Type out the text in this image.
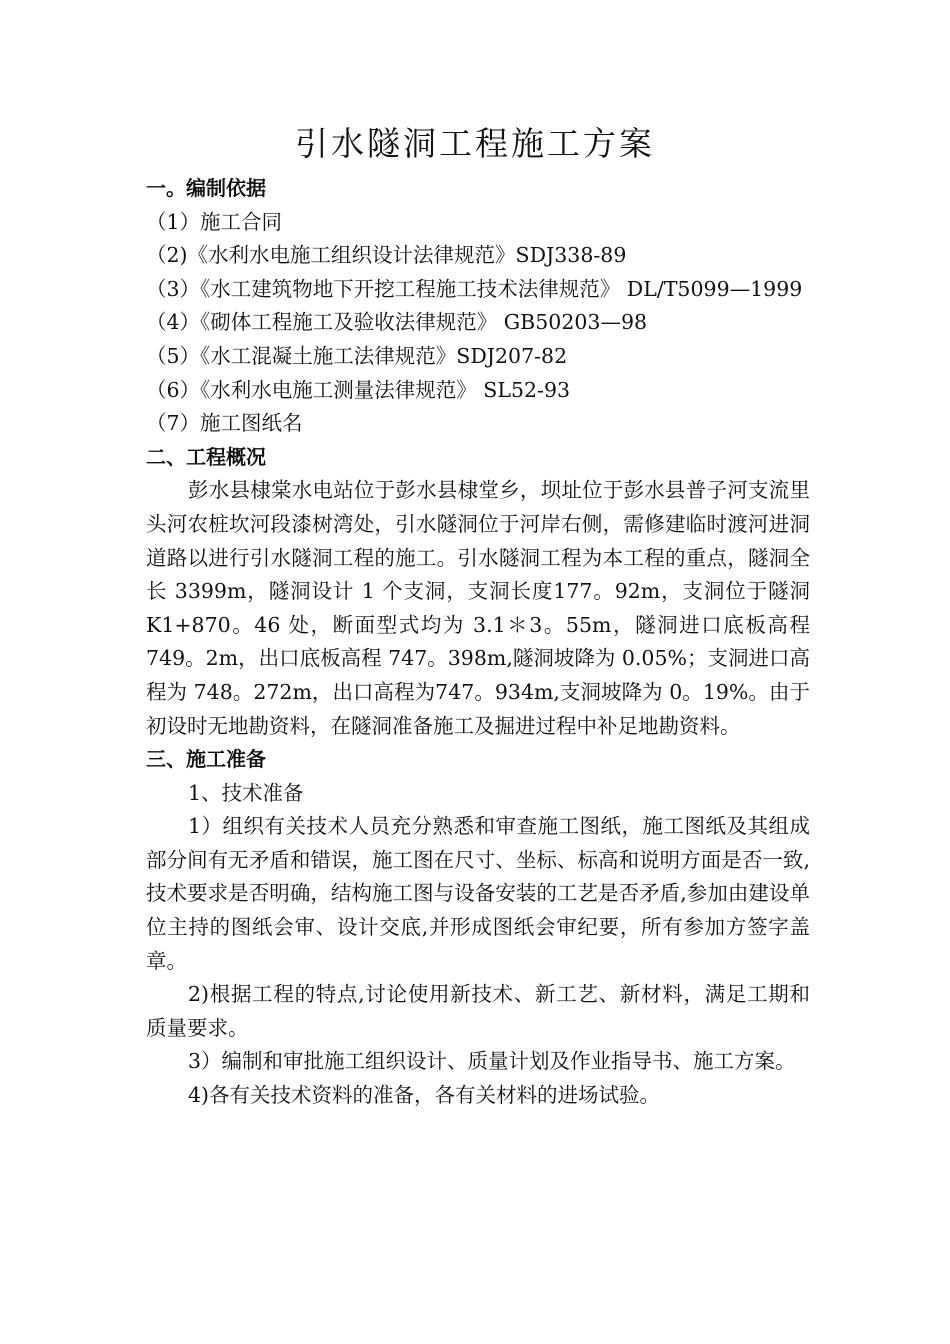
引水隧洞工程施工方案

一。编制依据

（1）施工合同

（2)《水利水电施工组织设计法律规范》SDJ338-89

（3）《水工建筑物地下开挖工程施工技术法律规范》 DL/T5099—1999

（4）《砌体工程施工及验收法律规范》 GB50203—98

（5）《水工混凝土施工法律规范》SDJ207-82

（6）《水利水电施工测量法律规范》 SL52-93

（7）施工图纸名

二、工程概况

彭水县棣棠水电站位于彭水县棣堂乡，坝址位于彭水县普子河支流里头河农桩坎河段漆树湾处，引水隧洞位于河岸右侧，需修建临时渡河进洞道路以进行引水隧洞工程的施工。引水隧洞工程为本工程的重点，隧洞全长 3399m，隧洞设计 1 个支洞，支洞长度177。92m，支洞位于隧洞 K1+870。46 处，断面型式均为 3.1＊3。55m，隧洞进口底板高程 749。2m，出口底板高程 747。398m,隧洞坡降为 0.05%；支洞进口高程为 748。272m，出口高程为747。934m,支洞坡降为 0。19%。由于初设时无地勘资料，在隧洞准备施工及掘进过程中补足地勘资料。

三、施工准备

1、技术准备

1）组织有关技术人员充分熟悉和审查施工图纸，施工图纸及其组成部分间有无矛盾和错误，施工图在尺寸、坐标、标高和说明方面是否一致,技术要求是否明确，结构施工图与设备安装的工艺是否矛盾,参加由建设单位主持的图纸会审、设计交底,并形成图纸会审纪要，所有参加方签字盖章。

2)根据工程的特点,讨论使用新技术、新工艺、新材料，满足工期和质量要求。

3）编制和审批施工组织设计、质量计划及作业指导书、施工方案。

4)各有关技术资料的准备，各有关材料的进场试验。
